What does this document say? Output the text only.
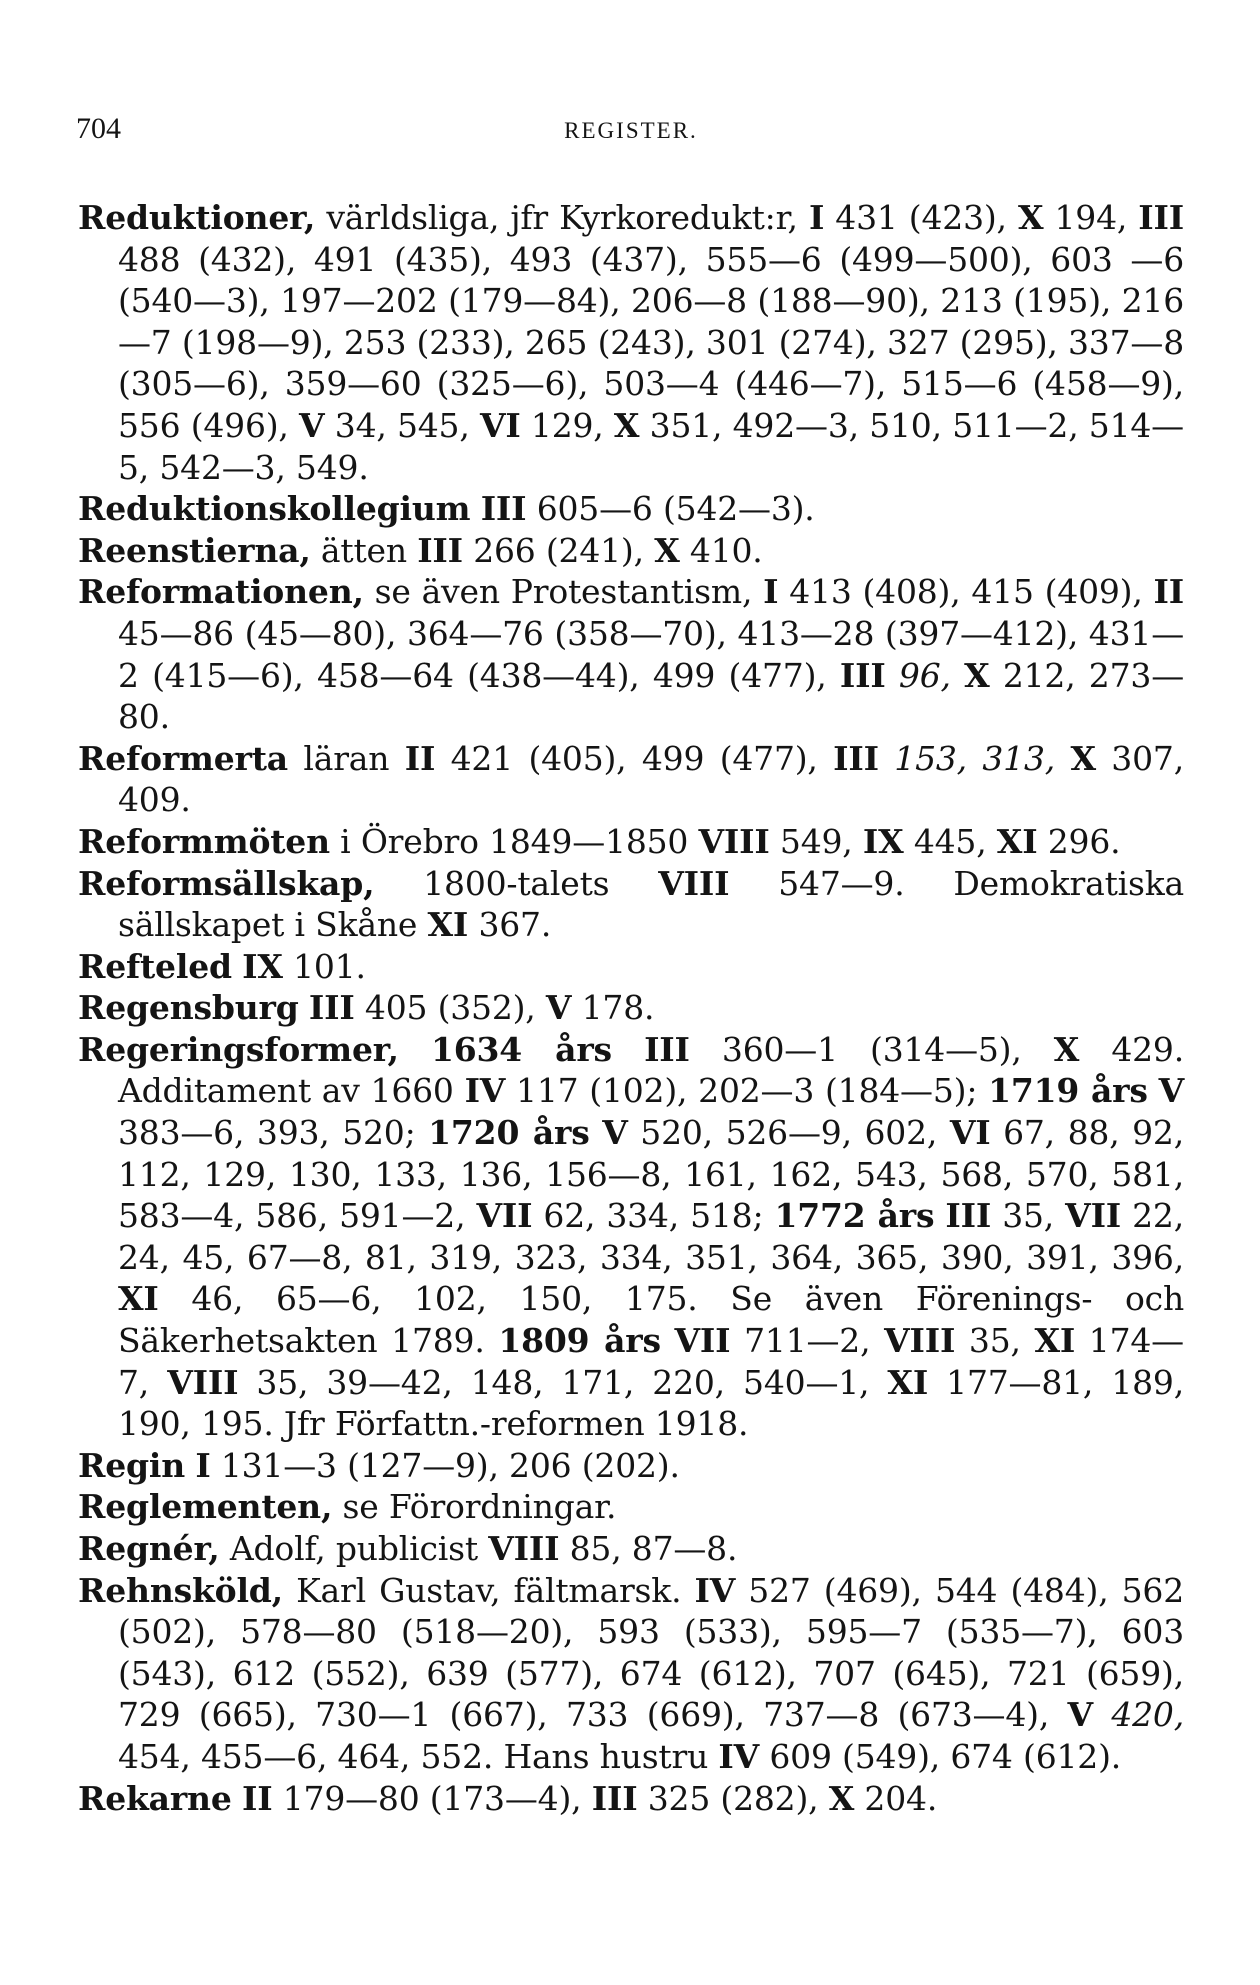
704	REGISTER.

Reduktioner, världsliga, jfr Kyrkoredukt:r, I 431 (423), X 194, III 488 (432), 491 (435), 493 (437), 555—6 (499—500), 603 —6 (540—3), 197—202 (179—84), 206—8 (188—90), 213 (195), 216—7 (198—9), 253 (233), 265 (243), 301 (274), 327 (295), 337—8 (305—6), 359—60 (325—6), 503—4 (446—7), 515—6 (458—9), 556 (496), V 34, 545, VI 129, X 351, 492—3, 510, 511—2, 514—5, 542—3, 549.

Reduktionskollegium III 605—6 (542—3).

Reenstierna, ätten III 266 (241), X 410.

Reformationen, se även Protestantism, I 413 (408), 415 (409), II 45—86 (45—80), 364—76 (358—70), 413—28 (397—412), 431—2 (415—6), 458—64 (438—44), 499 (477), III 96, X 212, 273—80.

Reformerta läran II 421 (405), 499 (477), III 153, 313, X 307, 409.

Reformmöten i Örebro 1849—1850 VIII 549, IX 445, XI 296.

Reformsällskap, 1800-talets VIII 547—9. Demokratiska sällskapet i Skåne XI 367.

Refteled IX 101.

Regensburg III 405 (352), V 178.

Regeringsformer, 1634 års III 360—1 (314—5), X 429. Additament av 1660 IV 117 (102), 202—3 (184—5); 1719 års V 383—6, 393, 520; 1720 års V 520, 526—9, 602, VI 67, 88, 92, 112, 129, 130, 133, 136, 156—8, 161, 162, 543, 568, 570, 581, 583—4, 586, 591—2, VII 62, 334, 518; 1772 års III 35, VII 22, 24, 45, 67—8, 81, 319, 323, 334, 351, 364, 365, 390, 391, 396, XI 46, 65—6, 102, 150, 175. Se även Förenings- och Säkerhetsakten 1789. 1809 års VII 711—2, VIII 35, XI 174—7, VIII 35, 39—42, 148, 171, 220, 540—1, XI 177—81, 189, 190, 195. Jfr Författn.-reformen 1918.

Regin I 131—3 (127—9), 206 (202).

Reglementen, se Förordningar.

Regnér, Adolf, publicist VIII 85, 87—8.

Rehnsköld, Karl Gustav, fältmarsk. IV 527 (469), 544 (484), 562 (502), 578—80 (518—20), 593 (533), 595—7 (535—7), 603 (543), 612 (552), 639 (577), 674 (612), 707 (645), 721 (659), 729 (665), 730—1 (667), 733 (669), 737—8 (673—4), V 420, 454, 455—6, 464, 552. Hans hustru IV 609 (549), 674 (612).

Rekarne II 179—80 (173—4), III 325 (282), X 204.
